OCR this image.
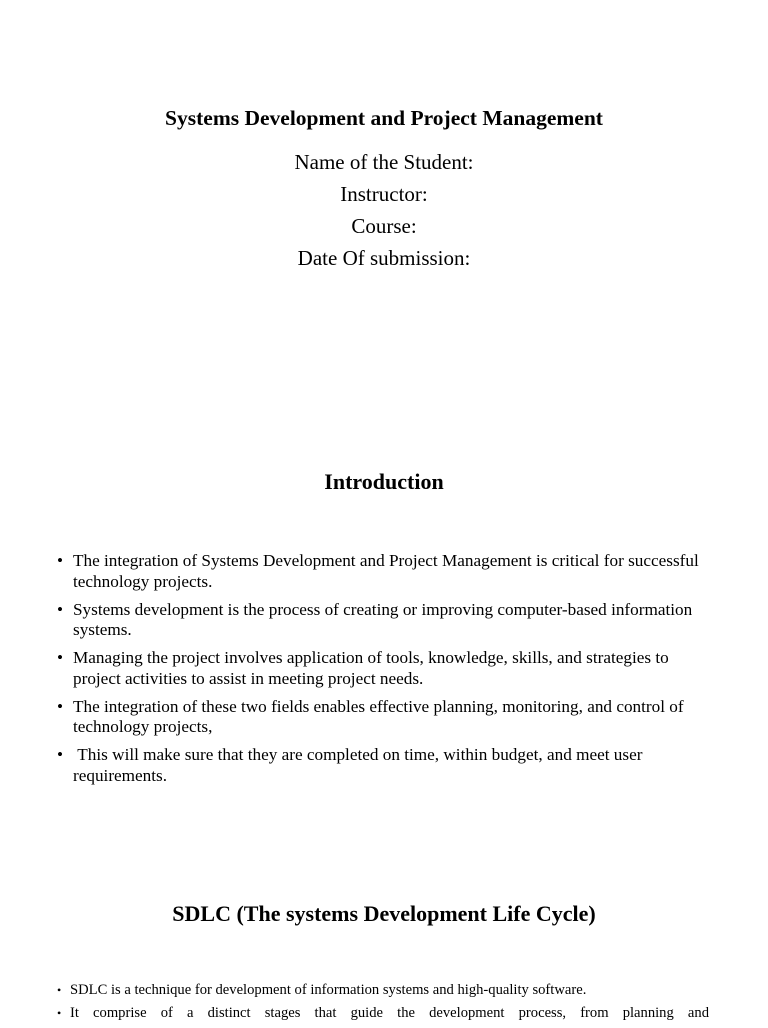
Systems Development and Project Management
Name of the Student:
Instructor:
Course:
Date Of submission:
Introduction
• The integration of Systems Development and Project Management is critical for successful technology projects.
• Systems development is the process of creating or improving computer-based information systems.
• Managing the project involves application of tools, knowledge, skills, and strategies to project activities to assist in meeting project needs.
• The integration of these two fields enables effective planning, monitoring, and control of technology projects,
• This will make sure that they are completed on time, within budget, and meet user requirements.
SDLC (The systems Development Life Cycle)
• SDLC is a technique for development of information systems and high-quality software.
• It comprise of a distinct stages that guide the development process, from planning and
